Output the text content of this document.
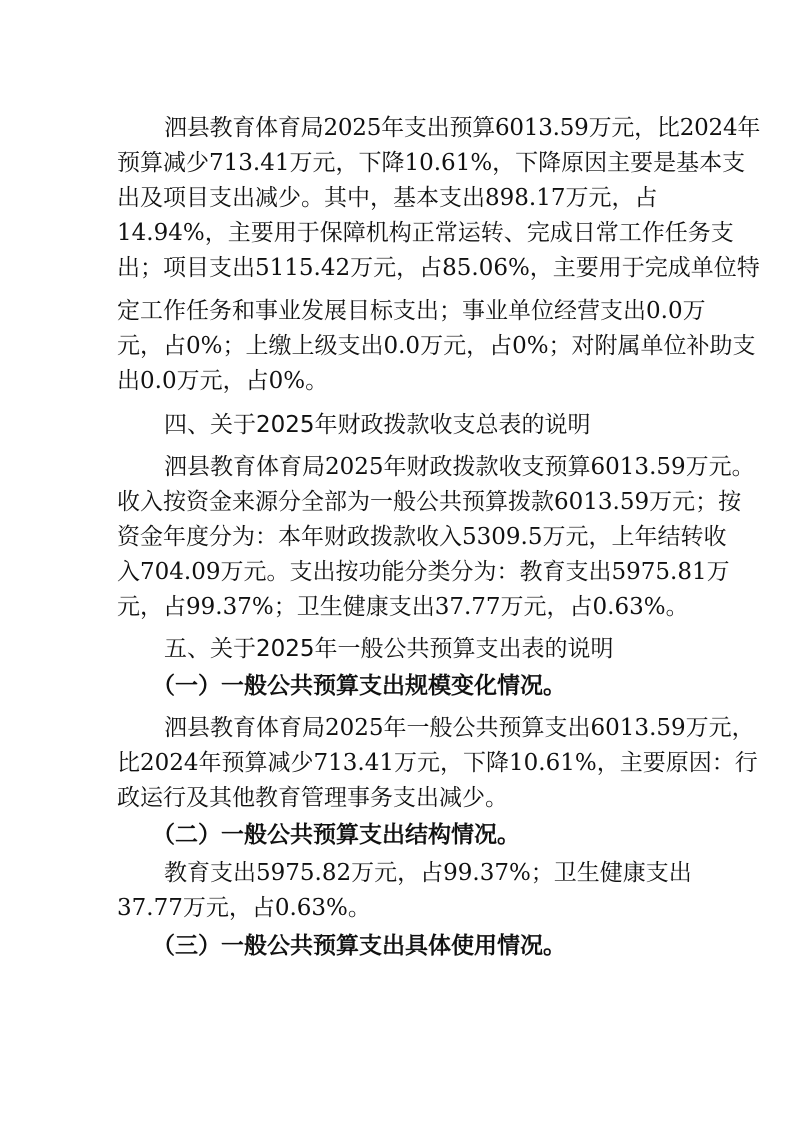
泗县教育体育局2025年支出预算6013.59万元，比2024年
预算减少713.41万元，下降10.61%，下降原因主要是基本支
出及项目支出减少。其中，基本支出898.17万元，占
14.94%，主要用于保障机构正常运转、完成日常工作任务支
出；项目支出5115.42万元，占85.06%，主要用于完成单位特
定工作任务和事业发展目标支出；事业单位经营支出0.0万
元，占0%；上缴上级支出0.0万元，占0%；对附属单位补助支
出0.0万元，占0%。
四、关于2025年财政拨款收支总表的说明
泗县教育体育局2025年财政拨款收支预算6013.59万元。
收入按资金来源分全部为一般公共预算拨款6013.59万元；按
资金年度分为：本年财政拨款收入5309.5万元，上年结转收
入704.09万元。支出按功能分类分为：教育支出5975.81万
元，占99.37%；卫生健康支出37.77万元，占0.63%。
五、关于2025年一般公共预算支出表的说明
（一）一般公共预算支出规模变化情况。
泗县教育体育局2025年一般公共预算支出6013.59万元，
比2024年预算减少713.41万元，下降10.61%，主要原因：行
政运行及其他教育管理事务支出减少。
（二）一般公共预算支出结构情况。
教育支出5975.82万元，占99.37%；卫生健康支出
37.77万元，占0.63%。
（三）一般公共预算支出具体使用情况。
